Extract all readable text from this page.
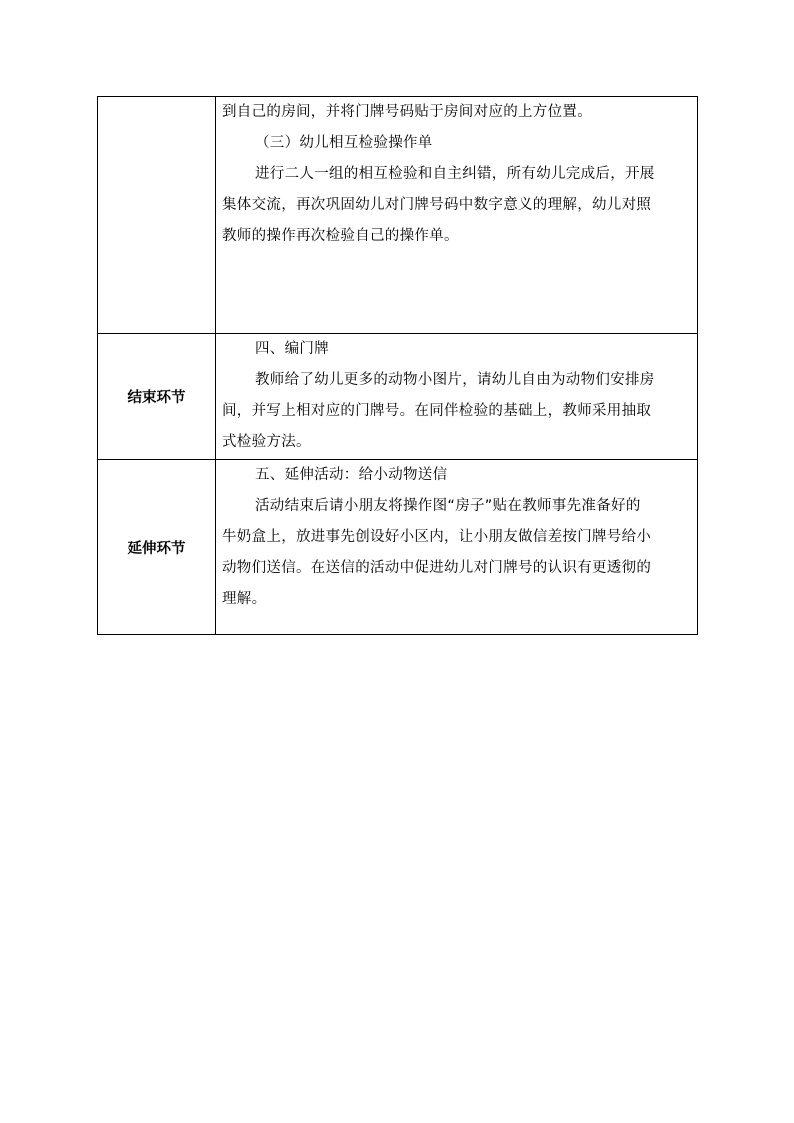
	到自己的房间，并将门牌号码贴于房间对应的上方位置。
（三）幼儿相互检验操作单
进行二人一组的相互检验和自主纠错，所有幼儿完成后，开展
集体交流，再次巩固幼儿对门牌号码中数字意义的理解，幼儿对照
教师的操作再次检验自己的操作单。

结束环节	四、编门牌
教师给了幼儿更多的动物小图片，请幼儿自由为动物们安排房
间，并写上相对应的门牌号。在同伴检验的基础上，教师采用抽取
式检验方法。

延伸环节	五、延伸活动：给小动物送信
活动结束后请小朋友将操作图“房子”贴在教师事先准备好的
牛奶盒上，放进事先创设好小区内，让小朋友做信差按门牌号给小
动物们送信。在送信的活动中促进幼儿对门牌号的认识有更透彻的
理解。
